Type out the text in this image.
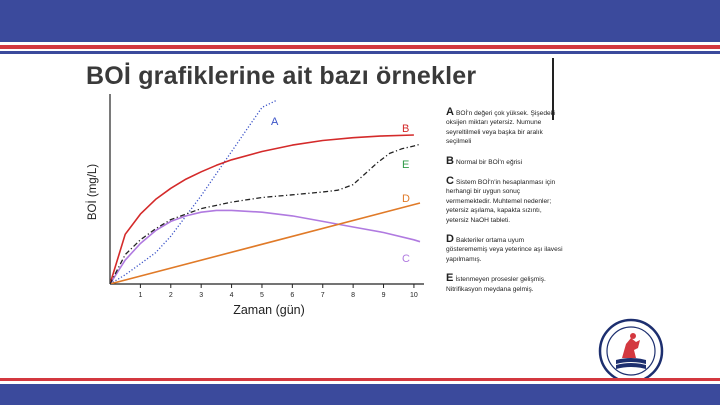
BOİ grafiklerine ait bazı örnekler
1	2	3	4	5	6	7	8	9	10
Zaman (gün)
BOİ (mg/L)
A
B
E
D
C
ABOİ'n değeri çok yüksek. Şişedeki oksijen miktarı yetersiz. Numune seyreltilmeli veya başka bir aralık seçilmeli
B Normal bir BOİ'n eğrisi
C Sistem BOİ'n'in hesaplanması için herhangi bir uygun sonuç vermemektedir. Muhtemel nedenler; yetersiz aşılama, kapakta sızıntı, yetersiz NaOH tableti.
D Bakteriler ortama uyum gösterememiş veya yeterince aşı ilavesi yapılmamış.
E İstenmeyen prosesler gelişmiş. Nitrifikasyon meydana gelmiş.
